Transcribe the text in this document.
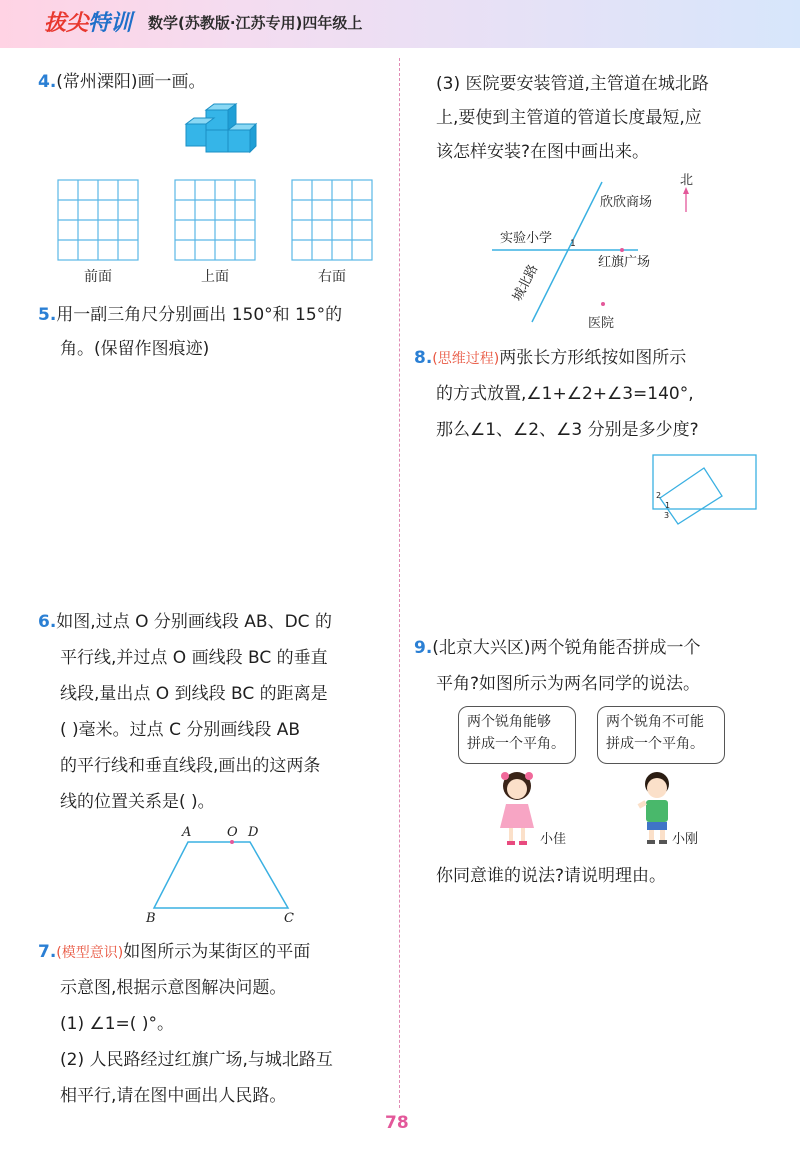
拔尖特训 数学(苏教版·江苏专用)四年级上
4.(常州溧阳)画一画。
前面	上面	右面
5.用一副三角尺分别画出 150°和 15°的
角。(保留作图痕迹)
6.如图,过点 O 分别画线段 AB、DC 的
平行线,并过点 O 画线段 BC 的垂直
线段,量出点 O 到线段 BC 的距离是
( )毫米。过点 C 分别画线段 AB
的平行线和垂直线段,画出的这两条
线的位置关系是( )。
A	O D
B	C
7.(模型意识)如图所示为某街区的平面
示意图,根据示意图解决问题。
(1) ∠1=( )°。
(2) 人民路经过红旗广场,与城北路互
相平行,请在图中画出人民路。
(3) 医院要安装管道,主管道在城北路
上,要使到主管道的管道长度最短,应
该怎样安装?在图中画出来。
北
欣欣商场
实验小学
红旗广场
医院
1
城北路
8.(思维过程)两张长方形纸按如图所示
的方式放置,∠1+∠2+∠3=140°,
那么∠1、∠2、∠3 分别是多少度?
2
1
3
9.(北京大兴区)两个锐角能否拼成一个
平角?如图所示为两名同学的说法。
两个锐角能够
拼成一个平角。
两个锐角不可能
拼成一个平角。
小佳	小刚
你同意谁的说法?请说明理由。
78
